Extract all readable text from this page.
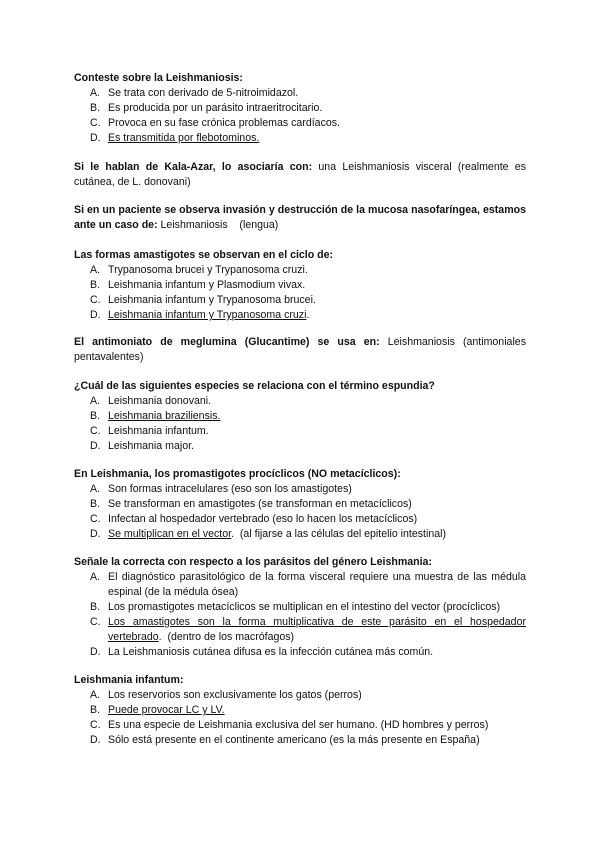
Conteste sobre la Leishmaniosis:
A. Se trata con derivado de 5-nitroimidazol.
B. Es producida por un parásito intraeritrocitario.
C. Provoca en su fase crónica problemas cardíacos.
D. Es transmitida por flebotominos.
Si le hablan de Kala-Azar, lo asociaría con: una Leishmaniosis visceral (realmente es cutánea, de L. donovani)
Si en un paciente se observa invasión y destrucción de la mucosa nasofaríngea, estamos ante un caso de: Leishmaniosis    (lengua)
Las formas amastigotes se observan en el ciclo de:
A. Trypanosoma brucei y Trypanosoma cruzi.
B. Leishmania infantum y Plasmodium vivax.
C. Leishmania infantum y Trypanosoma brucei.
D. Leishmania infantum y Trypanosoma cruzi.
El antimoniato de meglumina (Glucantime) se usa en: Leishmaniosis (antimoniales pentavalentes)
¿Cuál de las siguientes especies se relaciona con el término espundia?
A. Leishmania donovani.
B. Leishmania braziliensis.
C. Leishmania infantum.
D. Leishmania major.
En Leishmania, los promastigotes procíclicos (NO metacíclicos):
A. Son formas intracelulares (eso son los amastigotes)
B. Se transforman en amastigotes (se transforman en metacíclicos)
C. Infectan al hospedador vertebrado (eso lo hacen los metacíclicos)
D. Se multiplican en el vector.  (al fijarse a las células del epitelio intestinal)
Señale la correcta con respecto a los parásitos del género Leishmania:
A. El diagnóstico parasitológico de la forma visceral requiere una muestra de las médula espinal (de la médula ósea)
B. Los promastigotes metacíclicos se multiplican en el intestino del vector (procíclicos)
C. Los amastigotes son la forma multiplicativa de este parásito en el hospedador vertebrado.  (dentro de los macrófagos)
D. La Leishmaniosis cutánea difusa es la infección cutánea más común.
Leishmania infantum:
A. Los reservorios son exclusivamente los gatos (perros)
B. Puede provocar LC y LV.
C. Es una especie de Leishmania exclusiva del ser humano. (HD hombres y perros)
D. Sólo está presente en el continente americano (es la más presente en España)
